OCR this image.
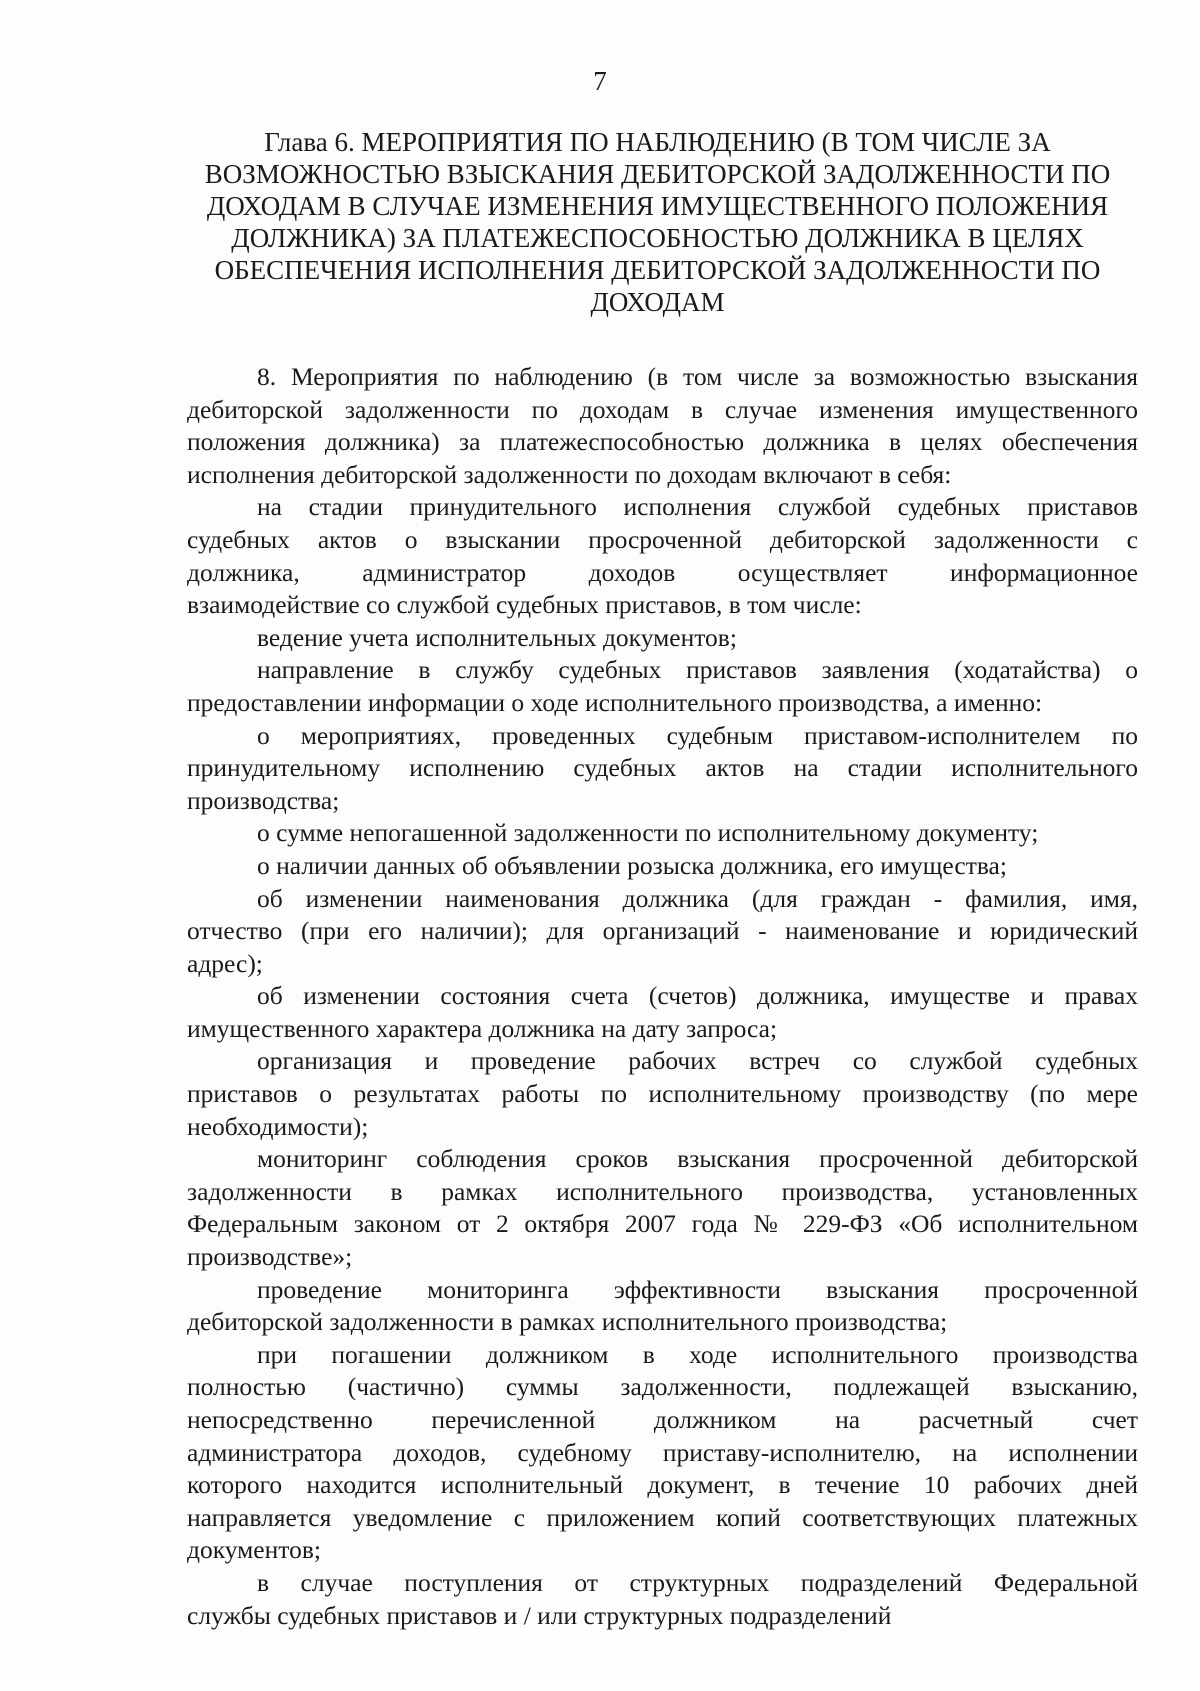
7
Глава 6. МЕРОПРИЯТИЯ ПО НАБЛЮДЕНИЮ (В ТОМ ЧИСЛЕ ЗА
ВОЗМОЖНОСТЬЮ ВЗЫСКАНИЯ ДЕБИТОРСКОЙ ЗАДОЛЖЕННОСТИ ПО
ДОХОДАМ В СЛУЧАЕ ИЗМЕНЕНИЯ ИМУЩЕСТВЕННОГО ПОЛОЖЕНИЯ
ДОЛЖНИКА) ЗА ПЛАТЕЖЕСПОСОБНОСТЬЮ ДОЛЖНИКА В ЦЕЛЯХ
ОБЕСПЕЧЕНИЯ ИСПОЛНЕНИЯ ДЕБИТОРСКОЙ ЗАДОЛЖЕННОСТИ ПО
ДОХОДАМ
8. Мероприятия по наблюдению (в том числе за возможностью взыскания
дебиторской задолженности по доходам в случае изменения имущественного
положения должника) за платежеспособностью должника в целях обеспечения
исполнения дебиторской задолженности по доходам включают в себя:
на стадии принудительного исполнения службой судебных приставов
судебных актов о взыскании просроченной дебиторской задолженности с
должника, администратор доходов осуществляет информационное
взаимодействие со службой судебных приставов, в том числе:
ведение учета исполнительных документов;
направление в службу судебных приставов заявления (ходатайства) о
предоставлении информации о ходе исполнительного производства, а именно:
о мероприятиях, проведенных судебным приставом-исполнителем по
принудительному исполнению судебных актов на стадии исполнительного
производства;
о сумме непогашенной задолженности по исполнительному документу;
о наличии данных об объявлении розыска должника, его имущества;
об изменении наименования должника (для граждан - фамилия, имя,
отчество (при его наличии); для организаций - наименование и юридический
адрес);
об изменении состояния счета (счетов) должника, имуществе и правах
имущественного характера должника на дату запроса;
организация и проведение рабочих встреч со службой судебных
приставов о результатах работы по исполнительному производству (по мере
необходимости);
мониторинг соблюдения сроков взыскания просроченной дебиторской
задолженности в рамках исполнительного производства, установленных
Федеральным законом от 2 октября 2007 года № 229-ФЗ «Об исполнительном
производстве»;
проведение мониторинга эффективности взыскания просроченной
дебиторской задолженности в рамках исполнительного производства;
при погашении должником в ходе исполнительного производства
полностью (частично) суммы задолженности, подлежащей взысканию,
непосредственно перечисленной должником на расчетный счет
администратора доходов, судебному приставу-исполнителю, на исполнении
которого находится исполнительный документ, в течение 10 рабочих дней
направляется уведомление с приложением копий соответствующих платежных
документов;
в случае поступления от структурных подразделений Федеральной
службы судебных приставов и / или структурных подразделений
